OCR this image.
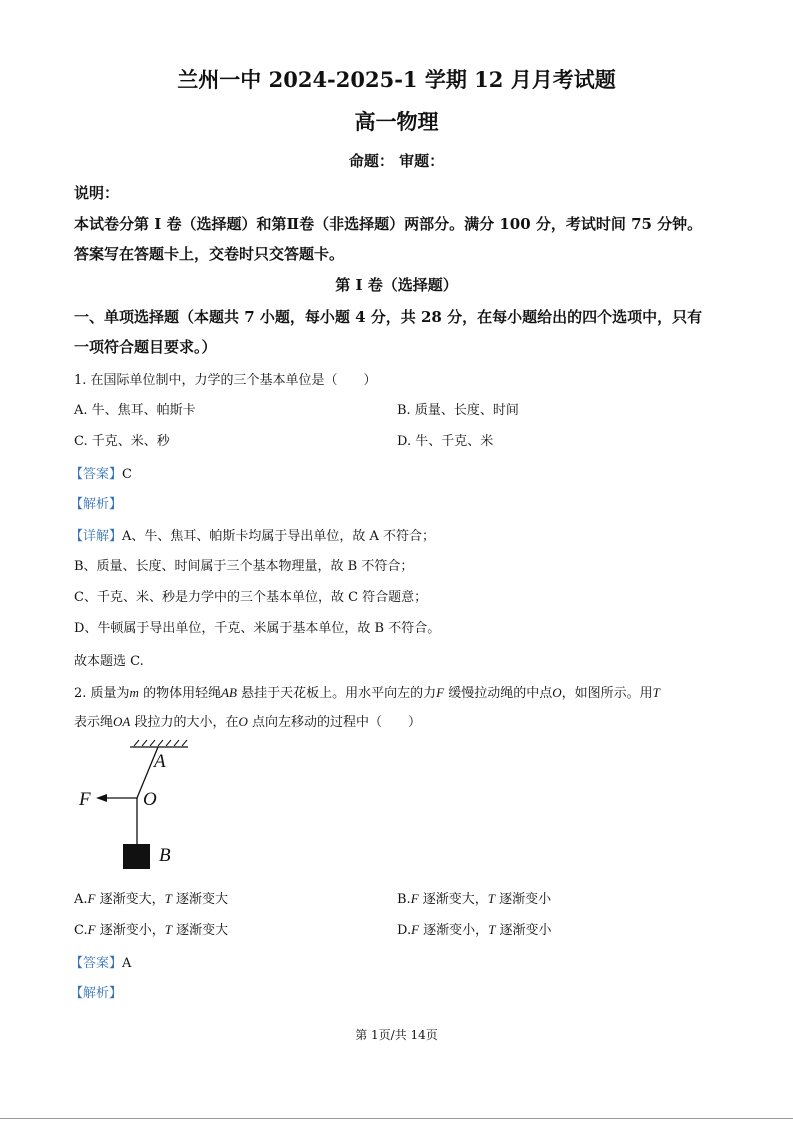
兰州一中 2024-2025-1 学期 12 月月考试题
高一物理
命题： 审题：
说明：
本试卷分第 I 卷（选择题）和第Ⅱ卷（非选择题）两部分。满分 100 分，考试时间 75 分钟。
答案写在答题卡上，交卷时只交答题卡。
第 I 卷（选择题）
一、单项选择题（本题共 7 小题，每小题 4 分，共 28 分，在每小题给出的四个选项中，只有
一项符合题目要求。）
1. 在国际单位制中，力学的三个基本单位是（　　）
A. 牛、焦耳、帕斯卡	B. 质量、长度、时间
C. 千克、米、秒	D. 牛、千克、米
【答案】C
【解析】
【详解】A、牛、焦耳、帕斯卡均属于导出单位，故 A 不符合；
B、质量、长度、时间属于三个基本物理量，故 B 不符合；
C、千克、米、秒是力学中的三个基本单位，故 C 符合题意；
D、牛顿属于导出单位，千克、米属于基本单位，故 B 不符合。
故本题选 C.
2. 质量为m 的物体用轻绳AB 悬挂于天花板上。用水平向左的力F 缓慢拉动绳的中点O，如图所示。用T
表示绳OA 段拉力的大小，在O 点向左移动的过程中（　　）
A
F	O
B
A.F 逐渐变大，T 逐渐变大	B.F 逐渐变大，T 逐渐变小
C.F 逐渐变小，T 逐渐变大	D.F 逐渐变小，T 逐渐变小
【答案】A
【解析】
第 1页/共 14页
